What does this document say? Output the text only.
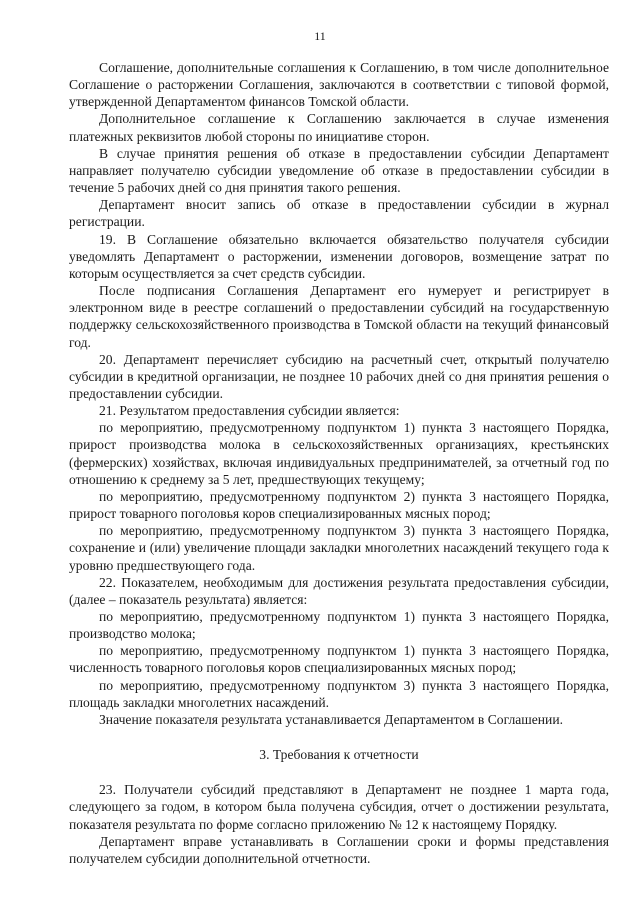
11

Соглашение, дополнительные соглашения к Соглашению, в том числе дополнительное Соглашение о расторжении Соглашения, заключаются в соответствии с типовой формой, утвержденной Департаментом финансов Томской области.

Дополнительное соглашение к Соглашению заключается в случае изменения платежных реквизитов любой стороны по инициативе сторон.

В случае принятия решения об отказе в предоставлении субсидии Департамент направляет получателю субсидии уведомление об отказе в предоставлении субсидии в течение 5 рабочих дней со дня принятия такого решения.

Департамент вносит запись об отказе в предоставлении субсидии в журнал регистрации.

19. В Соглашение обязательно включается обязательство получателя субсидии уведомлять Департамент о расторжении, изменении договоров, возмещение затрат по которым осуществляется за счет средств субсидии.

После подписания Соглашения Департамент его нумерует и регистрирует в электронном виде в реестре соглашений о предоставлении субсидий на государственную поддержку сельскохозяйственного производства в Томской области на текущий финансовый год.

20. Департамент перечисляет субсидию на расчетный счет, открытый получателю субсидии в кредитной организации, не позднее 10 рабочих дней со дня принятия решения о предоставлении субсидии.

21. Результатом предоставления субсидии является:

по мероприятию, предусмотренному подпунктом 1) пункта 3 настоящего Порядка, прирост производства молока в сельскохозяйственных организациях, крестьянских (фермерских) хозяйствах, включая индивидуальных предпринимателей, за отчетный год по отношению к среднему за 5 лет, предшествующих текущему;

по мероприятию, предусмотренному подпунктом 2) пункта 3 настоящего Порядка, прирост товарного поголовья коров специализированных мясных пород;

по мероприятию, предусмотренному подпунктом 3) пункта 3 настоящего Порядка, сохранение и (или) увеличение площади закладки многолетних насаждений текущего года к уровню предшествующего года.

22. Показателем, необходимым для достижения результата предоставления субсидии, (далее – показатель результата) является:

по мероприятию, предусмотренному подпунктом 1) пункта 3 настоящего Порядка, производство молока;

по мероприятию, предусмотренному подпунктом 1) пункта 3 настоящего Порядка, численность товарного поголовья коров специализированных мясных пород;

по мероприятию, предусмотренному подпунктом 3) пункта 3 настоящего Порядка, площадь закладки многолетних насаждений.

Значение показателя результата устанавливается Департаментом в Соглашении.

3. Требования к отчетности

23. Получатели субсидий представляют в Департамент не позднее 1 марта года, следующего за годом, в котором была получена субсидия, отчет о достижении результата, показателя результата по форме согласно приложению № 12 к настоящему Порядку.

Департамент вправе устанавливать в Соглашении сроки и формы представления получателем субсидии дополнительной отчетности.
